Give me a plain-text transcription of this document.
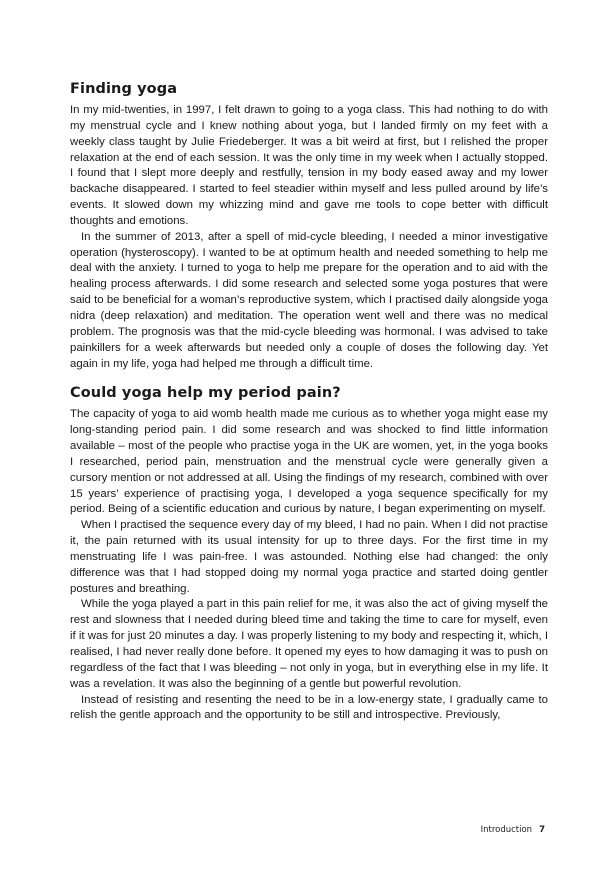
Finding yoga

In my mid-twenties, in 1997, I felt drawn to going to a yoga class. This had nothing to do with my menstrual cycle and I knew nothing about yoga, but I landed firmly on my feet with a weekly class taught by Julie Friedeberger. It was a bit weird at first, but I relished the proper relaxation at the end of each session. It was the only time in my week when I actually stopped. I found that I slept more deeply and restfully, tension in my body eased away and my lower backache disappeared. I started to feel steadier within myself and less pulled around by life’s events. It slowed down my whizzing mind and gave me tools to cope better with difficult thoughts and emotions.

In the summer of 2013, after a spell of mid-cycle bleeding, I needed a minor investigative operation (hysteroscopy). I wanted to be at optimum health and needed something to help me deal with the anxiety. I turned to yoga to help me prepare for the operation and to aid with the healing process afterwards. I did some research and selected some yoga postures that were said to be beneficial for a woman’s reproductive system, which I practised daily alongside yoga nidra (deep relaxation) and meditation. The operation went well and there was no medical problem. The prognosis was that the mid-cycle bleeding was hormonal. I was advised to take painkillers for a week afterwards but needed only a couple of doses the following day. Yet again in my life, yoga had helped me through a difficult time.

Could yoga help my period pain?

The capacity of yoga to aid womb health made me curious as to whether yoga might ease my long-standing period pain. I did some research and was shocked to find little information available – most of the people who practise yoga in the UK are women, yet, in the yoga books I researched, period pain, menstruation and the menstrual cycle were generally given a cursory mention or not addressed at all. Using the findings of my research, combined with over 15 years’ experience of practising yoga, I developed a yoga sequence specifically for my period. Being of a scientific education and curious by nature, I began experimenting on myself.

When I practised the sequence every day of my bleed, I had no pain. When I did not practise it, the pain returned with its usual intensity for up to three days. For the first time in my menstruating life I was pain-free. I was astounded. Nothing else had changed: the only difference was that I had stopped doing my normal yoga practice and started doing gentler postures and breathing.

While the yoga played a part in this pain relief for me, it was also the act of giving myself the rest and slowness that I needed during bleed time and taking the time to care for myself, even if it was for just 20 minutes a day. I was properly listening to my body and respecting it, which, I realised, I had never really done before. It opened my eyes to how damaging it was to push on regardless of the fact that I was bleeding – not only in yoga, but in everything else in my life. It was a revelation. It was also the beginning of a gentle but powerful revolution.

Instead of resisting and resenting the need to be in a low-energy state, I gradually came to relish the gentle approach and the opportunity to be still and introspective. Previously,

Introduction 7
